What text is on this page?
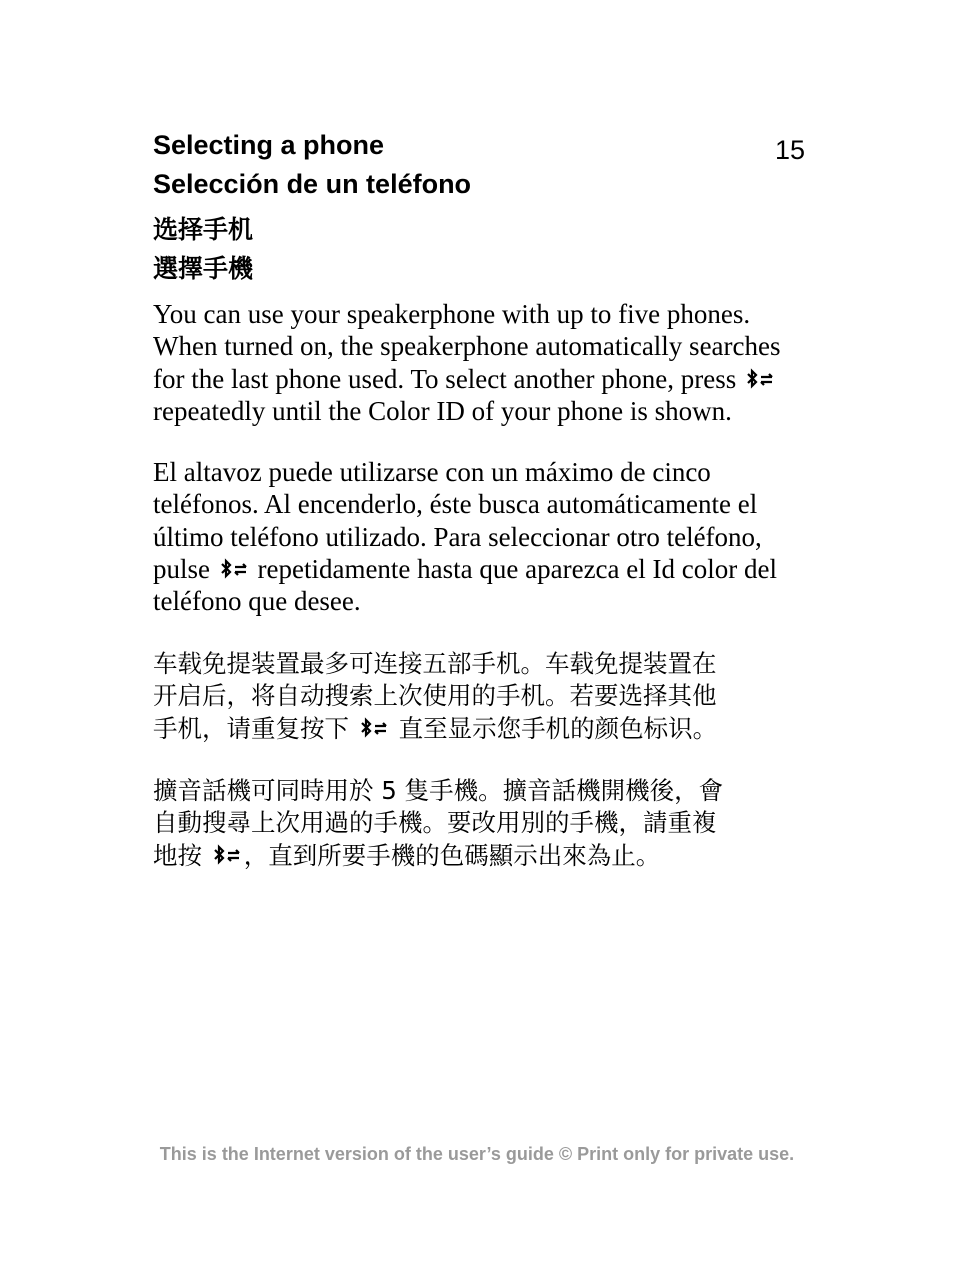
Selecting a phone
Selección de un teléfono
选择手机
選擇手機
15

You can use your speakerphone with up to five phones.
When turned on, the speakerphone automatically searches
for the last phone used. To select another phone, press
repeatedly until the Color ID of your phone is shown.

El altavoz puede utilizarse con un máximo de cinco
teléfonos. Al encenderlo, éste busca automáticamente el
último teléfono utilizado. Para seleccionar otro teléfono,
pulse repetidamente hasta que aparezca el Id color del
teléfono que desee.

车载免提装置最多可连接五部手机。车载免提装置在
开启后，将自动搜索上次使用的手机。若要选择其他
手机，请重复按下 直至显示您手机的颜色标识。

擴音話機可同時用於 5 隻手機。擴音話機開機後，會
自動搜尋上次用過的手機。要改用別的手機，請重複
地按 ，直到所要手機的色碼顯示出來為止。

This is the Internet version of the user’s guide © Print only for private use.
